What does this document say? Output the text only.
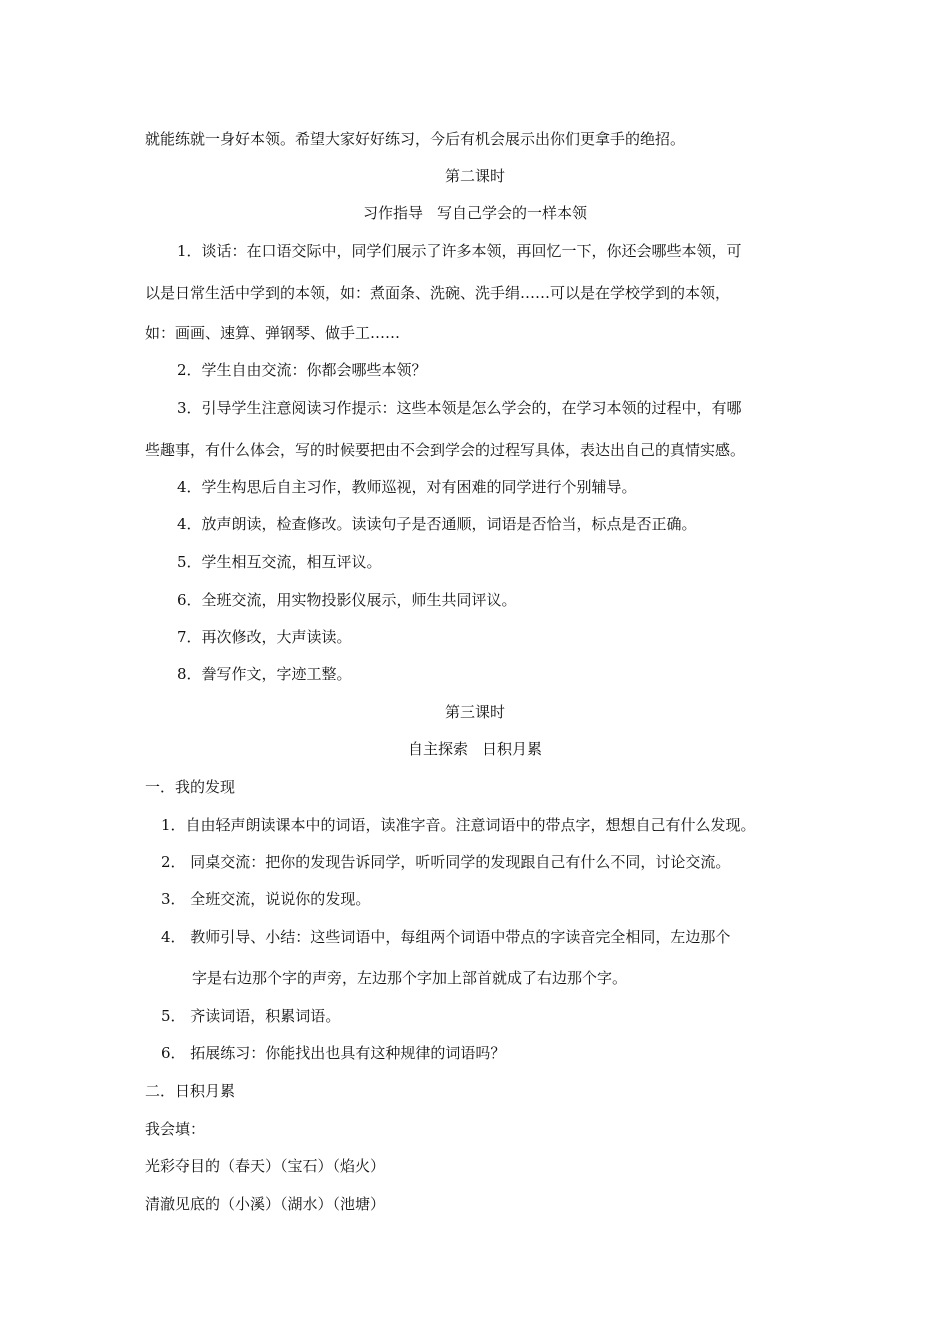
就能练就一身好本领。希望大家好好练习，今后有机会展示出你们更拿手的绝招。
第二课时
习作指导 写自己学会的一样本领
1．谈话：在口语交际中，同学们展示了许多本领，再回忆一下，你还会哪些本领，可
以是日常生活中学到的本领，如：煮面条、洗碗、洗手绢……可以是在学校学到的本领，
如：画画、速算、弹钢琴、做手工……
2．学生自由交流：你都会哪些本领？
3．引导学生注意阅读习作提示：这些本领是怎么学会的，在学习本领的过程中，有哪
些趣事，有什么体会，写的时候要把由不会到学会的过程写具体，表达出自己的真情实感。
4．学生构思后自主习作，教师巡视，对有困难的同学进行个别辅导。
4．放声朗读，检查修改。读读句子是否通顺，词语是否恰当，标点是否正确。
5．学生相互交流，相互评议。
6．全班交流，用实物投影仪展示，师生共同评议。
7．再次修改，大声读读。
8．誊写作文，字迹工整。
第三课时
自主探索 日积月累
一．我的发现
1．自由轻声朗读课本中的词语，读准字音。注意词语中的带点字，想想自己有什么发现。
2． 同桌交流：把你的发现告诉同学，听听同学的发现跟自己有什么不同，讨论交流。
3． 全班交流，说说你的发现。
4． 教师引导、小结：这些词语中，每组两个词语中带点的字读音完全相同，左边那个
字是右边那个字的声旁，左边那个字加上部首就成了右边那个字。
5． 齐读词语，积累词语。
6． 拓展练习：你能找出也具有这种规律的词语吗？
二．日积月累
我会填：
光彩夺目的（春天）（宝石）（焰火）
清澈见底的（小溪）（湖水）（池塘）
